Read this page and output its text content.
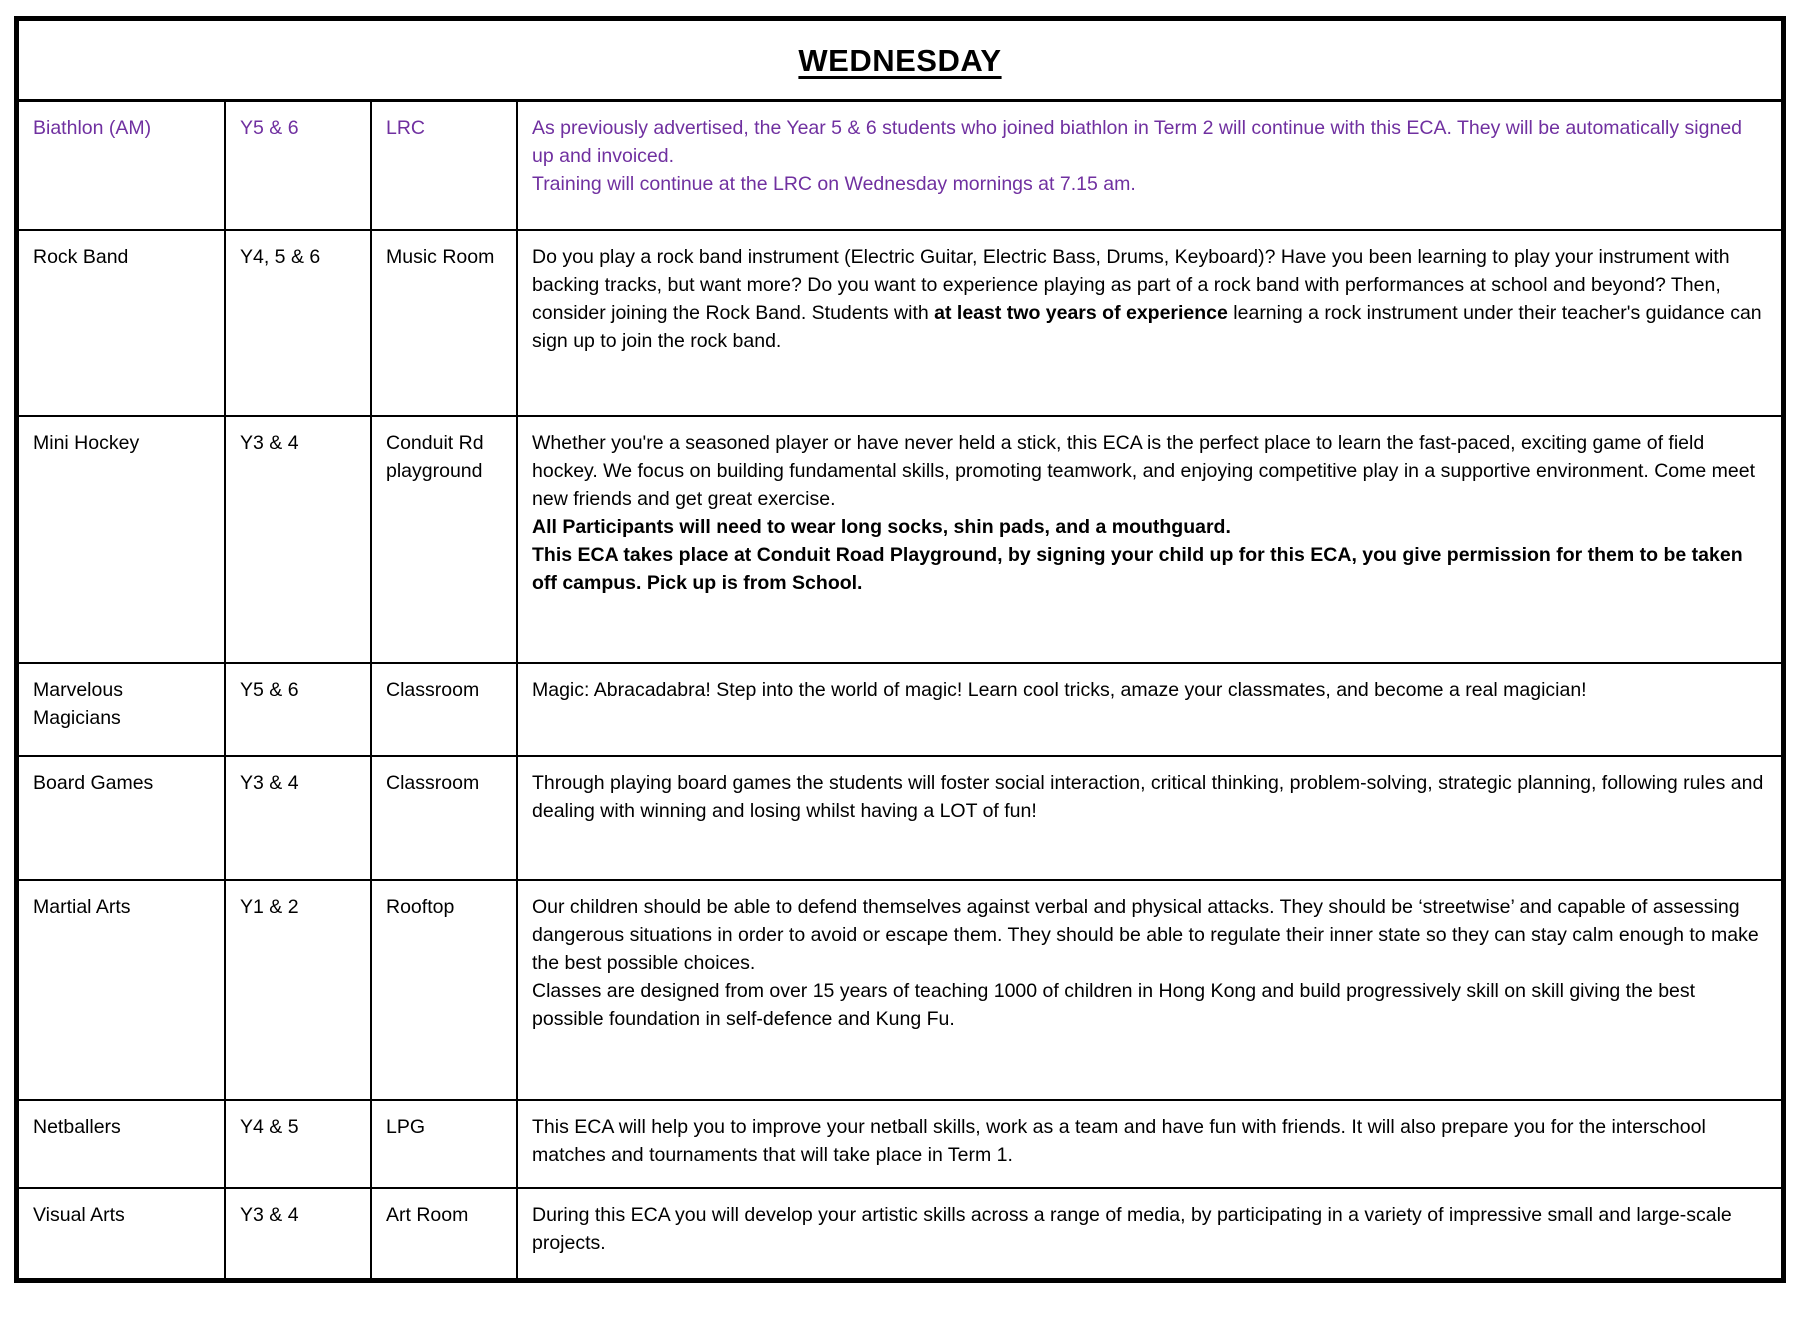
WEDNESDAY
Biathlon (AM)	Y5 & 6	LRC	As previously advertised, the Year 5 & 6 students who joined biathlon in Term 2 will continue with this ECA. They will be automatically signed up and invoiced.
Training will continue at the LRC on Wednesday mornings at 7.15 am.

Rock Band	Y4, 5 & 6	Music Room	Do you play a rock band instrument (Electric Guitar, Electric Bass, Drums, Keyboard)? Have you been learning to play your instrument with backing tracks, but want more? Do you want to experience playing as part of a rock band with performances at school and beyond? Then, consider joining the Rock Band. Students with at least two years of experience learning a rock instrument under their teacher's guidance can sign up to join the rock band.

Mini Hockey	Y3 & 4	Conduit Rd playground	Whether you're a seasoned player or have never held a stick, this ECA is the perfect place to learn the fast-paced, exciting game of field hockey. We focus on building fundamental skills, promoting teamwork, and enjoying competitive play in a supportive environment. Come meet new friends and get great exercise.
All Participants will need to wear long socks, shin pads, and a mouthguard.
This ECA takes place at Conduit Road Playground, by signing your child up for this ECA, you give permission for them to be taken off campus. Pick up is from School.

Marvelous Magicians	Y5 & 6	Classroom	Magic: Abracadabra! Step into the world of magic! Learn cool tricks, amaze your classmates, and become a real magician!

Board Games	Y3 & 4	Classroom	Through playing board games the students will foster social interaction, critical thinking, problem-solving, strategic planning, following rules and dealing with winning and losing whilst having a LOT of fun!

Martial Arts	Y1 & 2	Rooftop	Our children should be able to defend themselves against verbal and physical attacks. They should be ‘streetwise’ and capable of assessing dangerous situations in order to avoid or escape them. They should be able to regulate their inner state so they can stay calm enough to make the best possible choices.
Classes are designed from over 15 years of teaching 1000 of children in Hong Kong and build progressively skill on skill giving the best possible foundation in self-defence and Kung Fu.

Netballers	Y4 & 5	LPG	This ECA will help you to improve your netball skills, work as a team and have fun with friends. It will also prepare you for the interschool matches and tournaments that will take place in Term 1.

Visual Arts	Y3 & 4	Art Room	During this ECA you will develop your artistic skills across a range of media, by participating in a variety of impressive small and large-scale projects.
